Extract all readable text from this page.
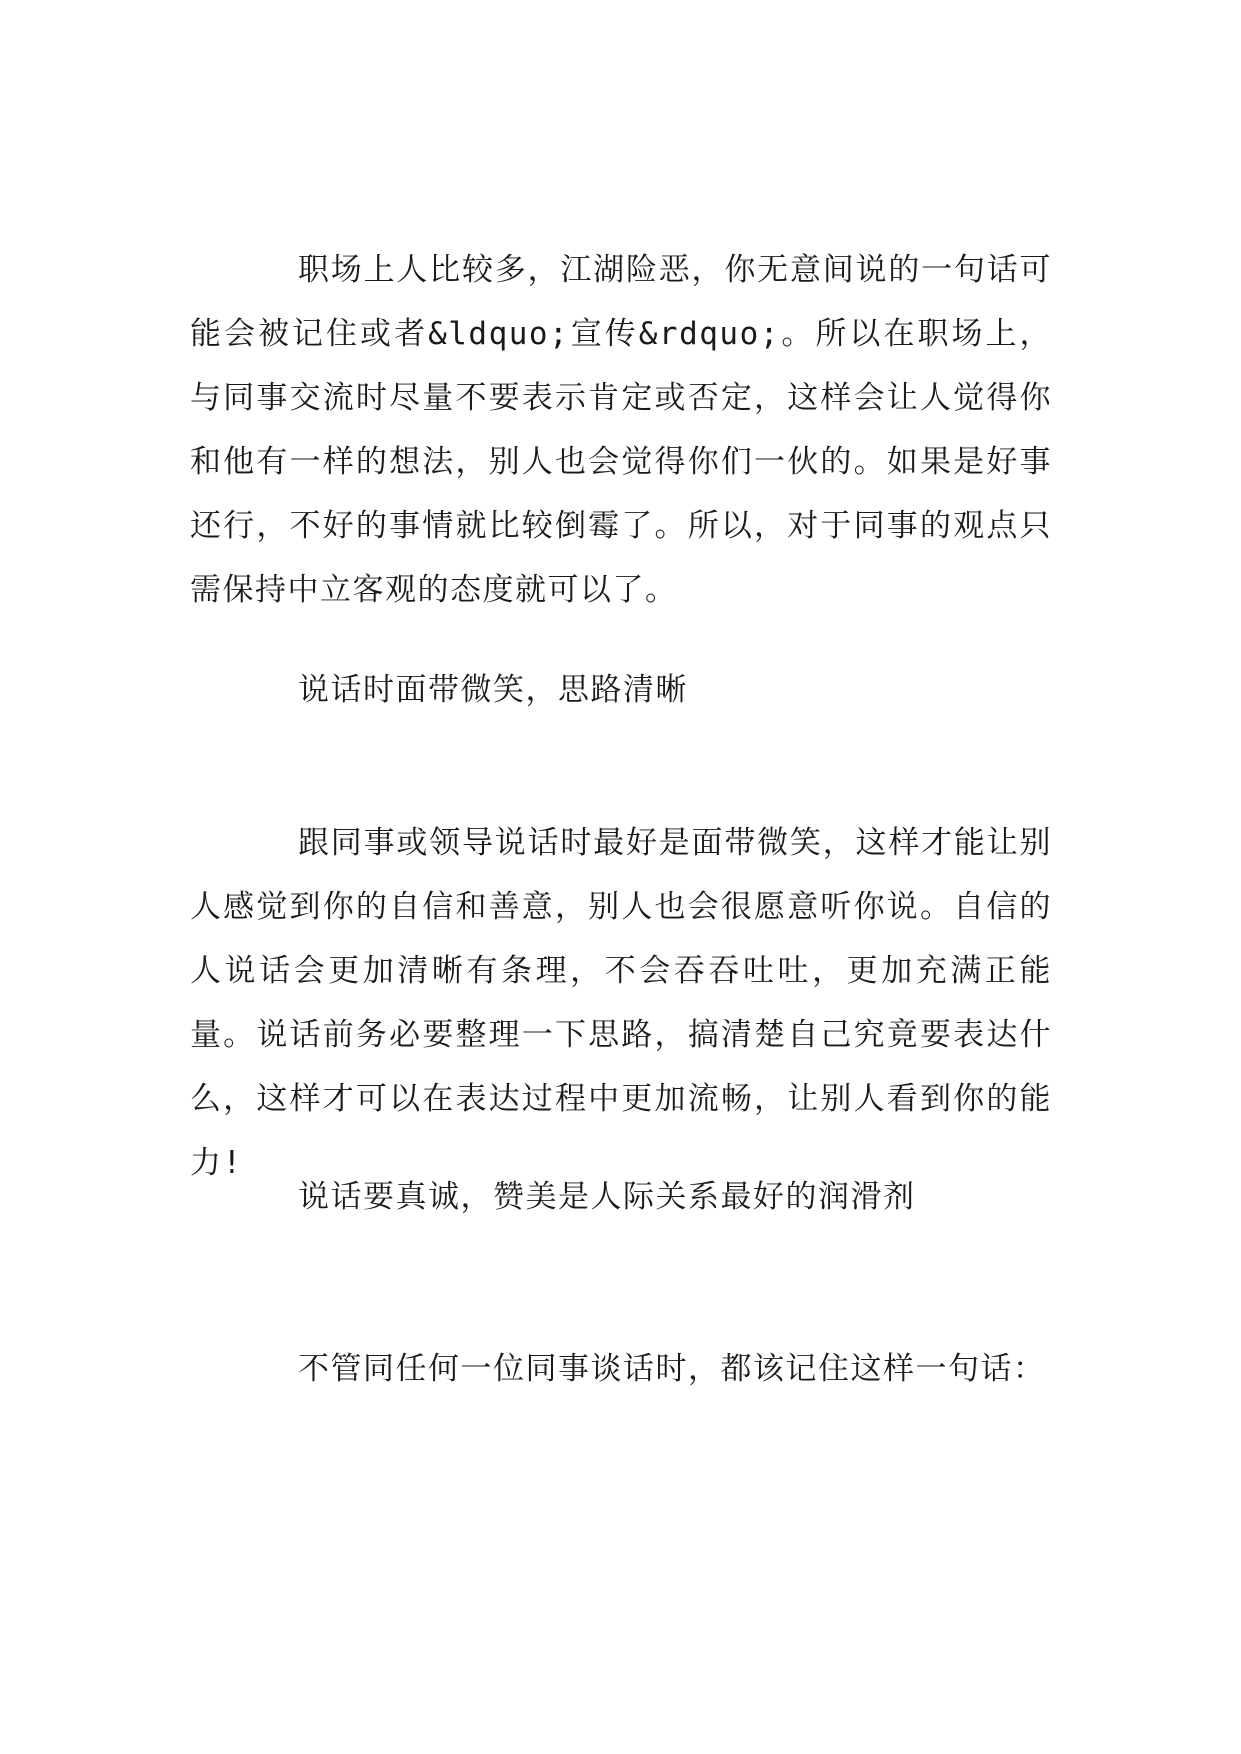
职场上人比较多，江湖险恶，你无意间说的一句话可能会被记住或者&ldquo;宣传&rdquo;。所以在职场上，与同事交流时尽量不要表示肯定或否定，这样会让人觉得你和他有一样的想法，别人也会觉得你们一伙的。如果是好事还行，不好的事情就比较倒霉了。所以，对于同事的观点只需保持中立客观的态度就可以了。

说话时面带微笑，思路清晰

跟同事或领导说话时最好是面带微笑，这样才能让别人感觉到你的自信和善意，别人也会很愿意听你说。自信的人说话会更加清晰有条理，不会吞吞吐吐，更加充满正能量。说话前务必要整理一下思路，搞清楚自己究竟要表达什么，这样才可以在表达过程中更加流畅，让别人看到你的能力!

说话要真诚，赞美是人际关系最好的润滑剂

不管同任何一位同事谈话时，都该记住这样一句话：
